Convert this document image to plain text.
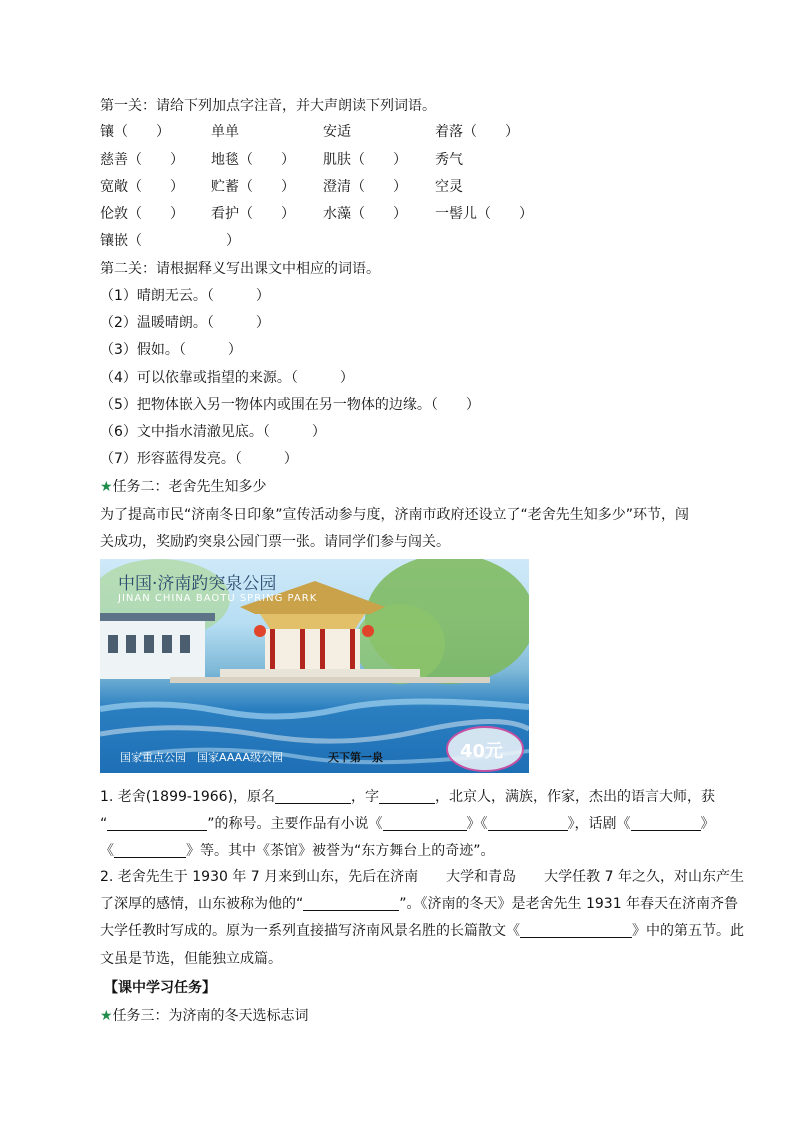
第一关：请给下列加点字注音，并大声朗读下列词语。
镶（　　）	单单	安适	着落（　　）
慈善（　　） 地毯（　　） 肌肤（　　） 秀气
宽敞（　　） 贮蓄（　　） 澄清（　　） 空灵
伦敦（　　） 看护（　　） 水藻（　　） 一髻儿（　　）
镶嵌（　　　　　　）
第二关：请根据释义写出课文中相应的词语。
（1）晴朗无云。（　　　）
（2）温暖晴朗。（　　　）
（3）假如。（　　　）
（4）可以依靠或指望的来源。（　　　）
（5）把物体嵌入另一物体内或围在另一物体的边缘。（　　）
（6）文中指水清澈见底。（　　　）
（7）形容蓝得发亮。（　　　）
★任务二：老舍先生知多少
为了提高市民“济南冬日印象”宣传活动参与度，济南市政府还设立了“老舍先生知多少”环节，闯
关成功，奖励趵突泉公园门票一张。请同学们参与闯关。
中国·济南趵突泉公园
JINAN CHINA BAOTU SPRING PARK
国家重点公园　国家AAAA级公园	天下第一泉	40元
1. 老舍(1899-1966)，原名	，字	，北京人，满族，作家，杰出的语言大师，获
“	”的称号。主要作品有小说《	》《	》，话剧《	》
《	》等。其中《茶馆》被誉为“东方舞台上的奇迹”。
2. 老舍先生于 1930 年 7 月来到山东，先后在济南　　大学和青岛　　大学任教 7 年之久，对山东产生
了深厚的感情，山东被称为他的“	”。《济南的冬天》是老舍先生 1931 年春天在济南齐鲁
大学任教时写成的。原为一系列直接描写济南风景名胜的长篇散文《	》中的第五节。此
文虽是节选，但能独立成篇。
【课中学习任务】
★任务三：为济南的冬天选标志词
